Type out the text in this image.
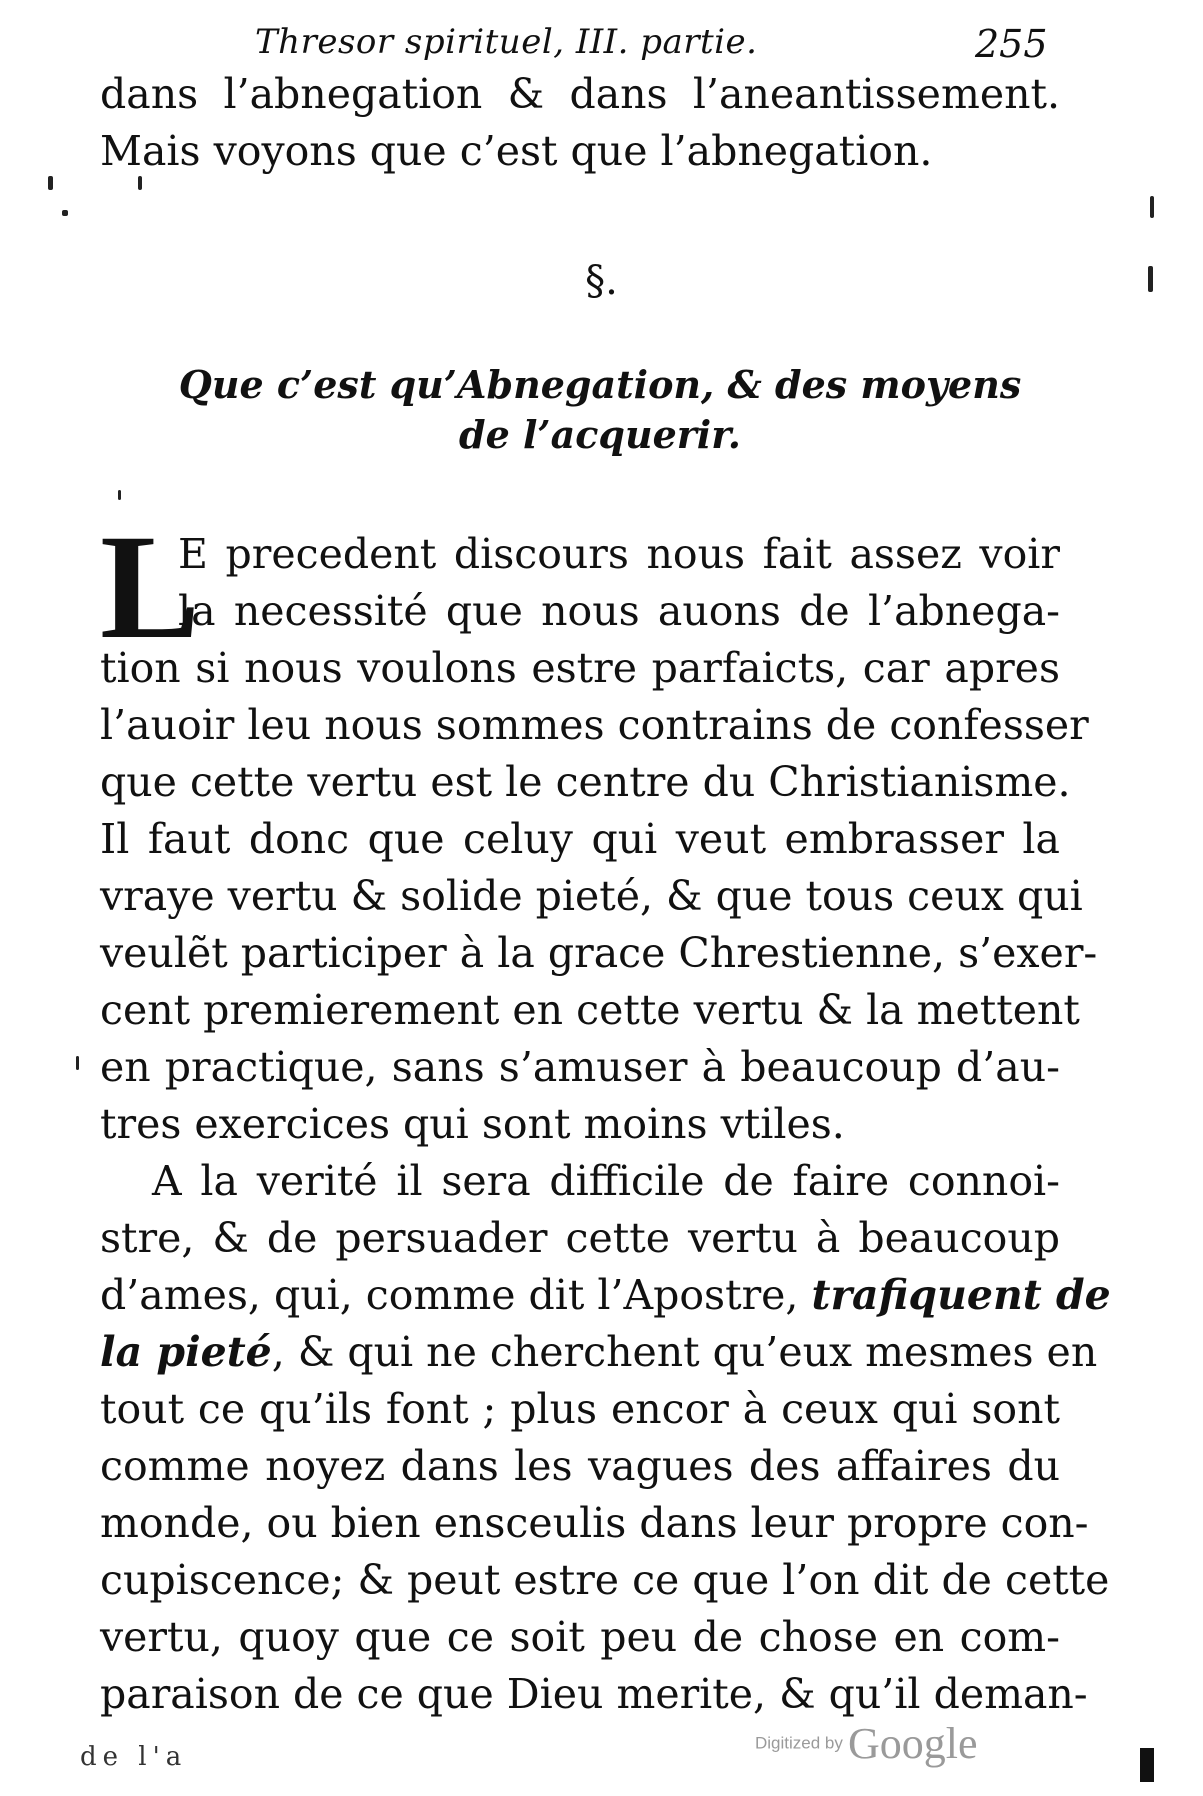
Thresor spirituel, III. partie.	255
dans l’abnegation & dans l’aneantissement.
Mais voyons que c’est que l’abnegation.
§.
Que c’est qu’Abnegation, & des moyens
de l’acquerir.
L
E precedent discours nous fait assez voir
la necessité que nous auons de l’abnega-
tion si nous voulons estre parfaicts, car apres
l’auoir leu nous sommes contrains de confesser
que cette vertu est le centre du Christianisme.
Il faut donc que celuy qui veut embrasser la
vraye vertu & solide pieté, & que tous ceux qui
veulẽt participer à la grace Chrestienne, s’exer-
cent premierement en cette vertu & la mettent
en practique, sans s’amuser à beaucoup d’au-
tres exercices qui sont moins vtiles.
A la verité il sera difficile de faire connoi-
stre, & de persuader cette vertu à beaucoup
d’ames, qui, comme dit l’Apostre, trafiquent de
la pieté, & qui ne cherchent qu’eux mesmes en
tout ce qu’ils font ; plus encor à ceux qui sont
comme noyez dans les vagues des affaires du
monde, ou bien ensceulis dans leur propre con-
cupiscence; & peut estre ce que l’on dit de cette
vertu, quoy que ce soit peu de chose en com-
paraison de ce que Dieu merite, & qu’il deman-
de l'a	Digitized by Google
